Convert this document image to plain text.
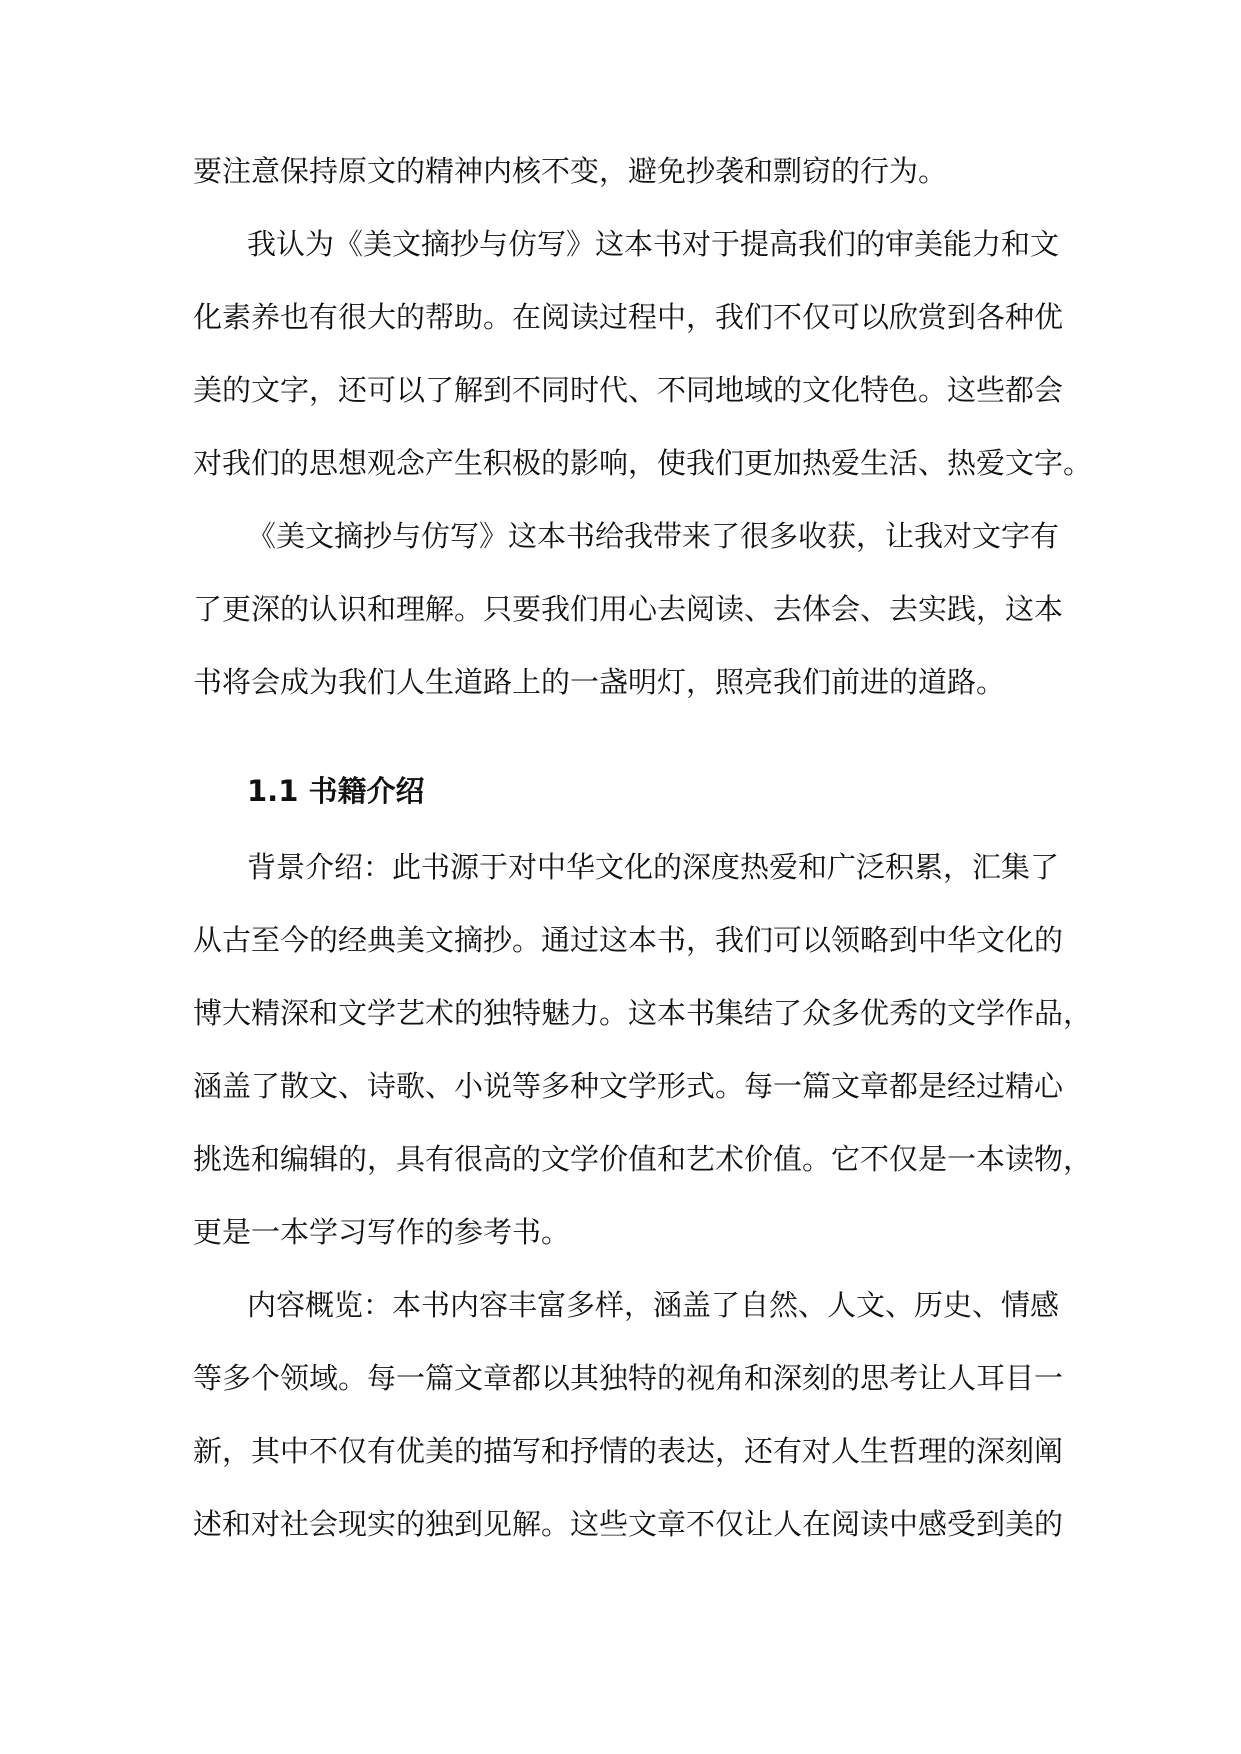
要注意保持原文的精神内核不变，避免抄袭和剽窃的行为。
我认为《美文摘抄与仿写》这本书对于提高我们的审美能力和文
化素养也有很大的帮助。在阅读过程中，我们不仅可以欣赏到各种优
美的文字，还可以了解到不同时代、不同地域的文化特色。这些都会
对我们的思想观念产生积极的影响，使我们更加热爱生活、热爱文字。
《美文摘抄与仿写》这本书给我带来了很多收获，让我对文字有
了更深的认识和理解。只要我们用心去阅读、去体会、去实践，这本
书将会成为我们人生道路上的一盏明灯，照亮我们前进的道路。
1.1 书籍介绍
背景介绍：此书源于对中华文化的深度热爱和广泛积累，汇集了
从古至今的经典美文摘抄。通过这本书，我们可以领略到中华文化的
博大精深和文学艺术的独特魅力。这本书集结了众多优秀的文学作品，
涵盖了散文、诗歌、小说等多种文学形式。每一篇文章都是经过精心
挑选和编辑的，具有很高的文学价值和艺术价值。它不仅是一本读物，
更是一本学习写作的参考书。
内容概览：本书内容丰富多样，涵盖了自然、人文、历史、情感
等多个领域。每一篇文章都以其独特的视角和深刻的思考让人耳目一
新，其中不仅有优美的描写和抒情的表达，还有对人生哲理的深刻阐
述和对社会现实的独到见解。这些文章不仅让人在阅读中感受到美的
